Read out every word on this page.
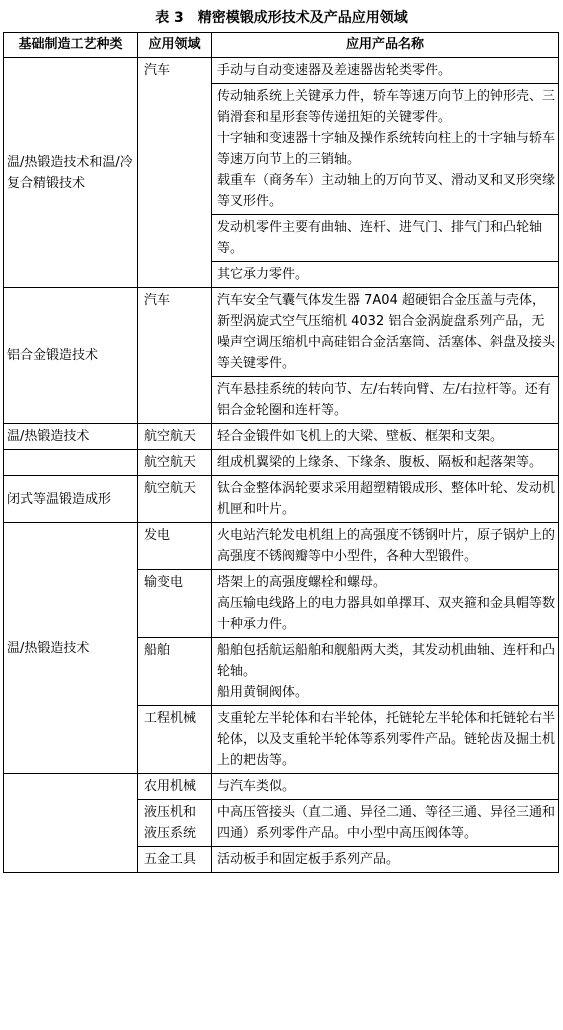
表 3　精密模锻成形技术及产品应用领域
基础制造工艺种类	应用领域	应用产品名称
温/热锻造技术和温/冷复合精锻技术	汽车	手动与自动变速器及差速器齿轮类零件。
		传动轴系统上关键承力件，轿车等速万向节上的钟形壳、三销滑套和星形套等传递扭矩的关键零件。
十字轴和变速器十字轴及操作系统转向柱上的十字轴与轿车等速万向节上的三销轴。
载重车（商务车）主动轴上的万向节叉、滑动叉和叉形突缘等叉形件。
		发动机零件主要有曲轴、连杆、进气门、排气门和凸轮轴等。
		其它承力零件。
铝合金锻造技术	汽车	汽车安全气囊气体发生器 7A04 超硬铝合金压盖与壳体，新型涡旋式空气压缩机 4032 铝合金涡旋盘系列产品，无噪声空调压缩机中高硅铝合金活塞筒、活塞体、斜盘及接头等关键零件。
		汽车悬挂系统的转向节、左/右转向臂、左/右拉杆等。还有铝合金轮圈和连杆等。
温/热锻造技术	航空航天	轻合金锻件如飞机上的大梁、壁板、框架和支架。
	航空航天	组成机翼梁的上缘条、下缘条、腹板、隔板和起落架等。
闭式等温锻造成形	航空航天	钛合金整体涡轮要求采用超塑精锻成形、整体叶轮、发动机机匣和叶片。
温/热锻造技术	发电	火电站汽轮发电机组上的高强度不锈钢叶片，原子锅炉上的高强度不锈阀瓣等中小型件，各种大型锻件。
	输变电	塔架上的高强度螺栓和螺母。
高压输电线路上的电力器具如单擇耳、双夹箍和金具帽等数十种承力件。
	船舶	船舶包括航运船舶和舰船两大类，其发动机曲轴、连杆和凸轮轴。
船用黄铜阀体。
	工程机械	支重轮左半轮体和右半轮体，托链轮左半轮体和托链轮右半轮体，以及支重轮半轮体等系列零件产品。链轮齿及掘土机上的耙齿等。
	农用机械	与汽车类似。
	液压机和液压系统	中高压管接头（直二通、异径二通、等径三通、异径三通和四通）系列零件产品。中小型中高压阀体等。
	五金工具	活动板手和固定板手系列产品。
